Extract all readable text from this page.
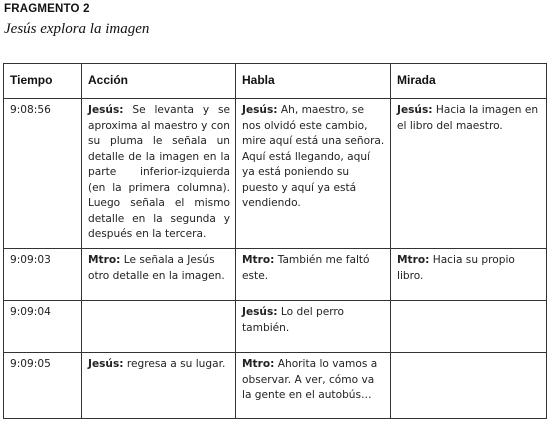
FRAGMENTO 2
Jesús explora la imagen
Tiempo	Acción	Habla	Mirada
9:08:56	Jesús: Se levanta y se aproxima al maestro y con su pluma le señala un detalle de la imagen en la parte inferior-izquierda (en la primera columna). Luego señala el mismo detalle en la segunda y después en la tercera.	Jesús: Ah, maestro, se nos olvidó este cambio, mire aquí está una señora. Aquí está llegando, aquí ya está poniendo su puesto y aquí ya está vendiendo.	Jesús: Hacia la imagen en el libro del maestro.
9:09:03	Mtro: Le señala a Jesús otro detalle en la imagen.	Mtro: También me faltó este.	Mtro: Hacia su propio libro.
9:09:04		Jesús: Lo del perro también.	
9:09:05	Jesús: regresa a su lugar.	Mtro: Ahorita lo vamos a observar. A ver, cómo va la gente en el autobús…	
